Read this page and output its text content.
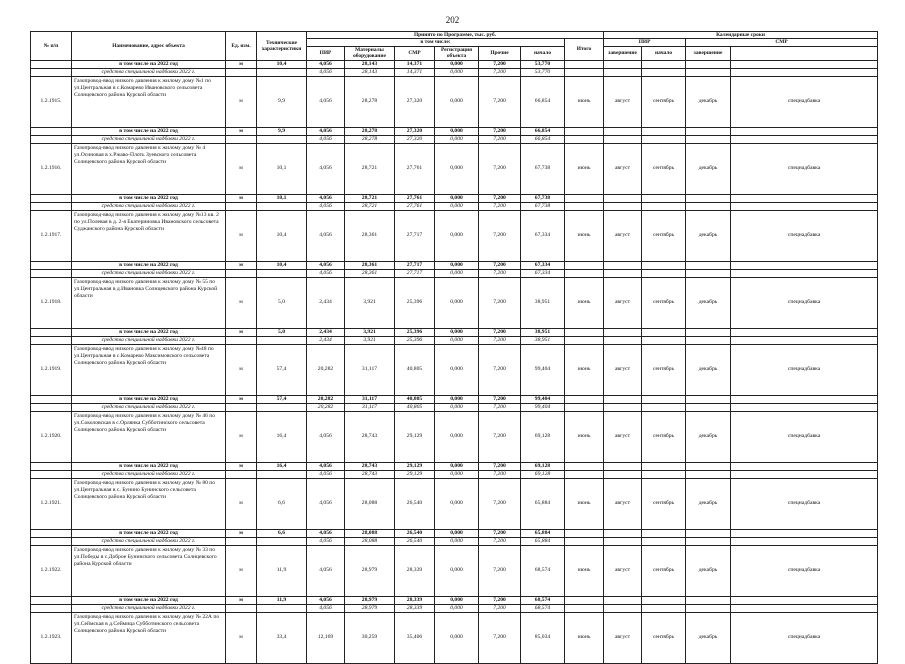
202
№ п/п	Наименование, адрес объекта	Ед. изм.	Технические характеристики	Принято по Программе, тыс. руб.							Календарные сроки	
				в том числе:						Итого	ПИР		СМР		
				ПИР	Материалы оборудование	СМР	Регистрация объекта	Прочие	начало		завершение	начало	завершение		

	в том числе на 2022 год	м	10,4	4,056	28,143	14,371	0,000	7,200	53,770						
	средства специальной надбавки 2022 г.			4,056	28,143	14,371	0,000	7,200	53,770						
1.2.1915.	Газопровод-ввод низкого давления к жилому дому №1 по ул.Центральная в с.Комарево Ивановского сельсовета Солнцевского района Курской области	м	9,9	4,056	28,278	27,320	0,000	7,200	66,854	июнь	август	сентябрь	декабрь	спецнадбавка	
	в том числе на 2022 год	м	9,9	4,056	28,278	27,320	0,000	7,200	66,854						
	средства специальной надбавки 2022 г.			4,056	28,278	27,320	0,000	7,200	66,854						
1.2.1916.	Газопровод-ввод низкого давления к жилому дому № 4 ул.Осиновая в х.Ржаво-Плоть Зуевского сельсовета Солнцевского района Курской области	м	10,1	4,056	28,721	27,761	0,000	7,200	67,738	июнь	август	сентябрь	декабрь	спецнадбавка	
	в том числе на 2022 год	м	10,1	4,056	28,721	27,761	0,000	7,200	67,738						
	средства специальной надбавки 2022 г.			4,056	28,721	27,761	0,000	7,200	67,738						
1.2.1917.	Газопровод-ввод низкого давления к жилому дому №13 кв. 2 по ул.Полевая в д. 2-я Екатериновка Ивановского сельсовета Суджанского района Курской области	м	10,4	4,056	28,361	27,717	0,000	7,200	67,334	июнь	август	сентябрь	декабрь	спецнадбавка	
	в том числе на 2022 год	м	10,4	4,056	28,361	27,717	0,000	7,200	67,334						
	средства специальной надбавки 2022 г.			4,056	28,361	27,717	0,000	7,200	67,334						
1.2.1918.	Газопровод-ввод низкого давления к жилому дому № 55 по ул.Центральная в д.Ивановка Солнцевского района Курской области	м	5,0	2,434	3,921	25,396	0,000	7,200	38,951	июнь	август	сентябрь	декабрь	спецнадбавка	
	в том числе на 2022 год	м	5,0	2,434	3,921	25,396	0,000	7,200	38,951						
	средства специальной надбавки 2022 г.			2,434	3,921	25,396	0,000	7,200	38,951						
1.2.1919.	Газопровод-ввод низкого давления к жилому дому №48 по ул.Центральная в с.Комарево Максимовского сельсовета Солнцевского района Курской области	м	57,4	20,282	31,117	40,805	0,000	7,200	99,404	июнь	август	сентябрь	декабрь	спецнадбавка	
	в том числе на 2022 год	м	57,4	20,282	31,117	40,805	0,000	7,200	99,404						
	средства специальной надбавки 2022 г.			20,282	31,117	40,805	0,000	7,200	99,404						
1.2.1920.	Газопровод-ввод низкого давления к жилому дому № 46 по ул.Соколовская в с.Орлянка Субботинского сельсовета Солнцевского района Курской области	м	16,4	4,056	28,743	29,129	0,000	7,200	69,128	июнь	август	сентябрь	декабрь	спецнадбавка	
	в том числе на 2022 год	м	16,4	4,056	28,743	29,129	0,000	7,200	69,128						
	средства специальной надбавки 2022 г.			4,056	28,743	29,129	0,000	7,200	69,128						
1.2.1921.	Газопровод-ввод низкого давления к жилому дому № 80 по ул.Центральная в с. Бунино Бунинского сельсовета Солнцевского района Курской области	м	6,6	4,056	28,088	26,540	0,000	7,200	65,884	июнь	август	сентябрь	декабрь	спецнадбавка	
	в том числе на 2022 год	м	6,6	4,056	28,088	26,540	0,000	7,200	65,884						
	средства специальной надбавки 2022 г.			4,056	28,088	26,540	0,000	7,200	65,884						
1.2.1922.	Газопровод-ввод низкого давления к жилому дому № 33 по ул.Победы в с.Доброе Бунинского сельсовета Солнцевского района Курской области	м	11,9	4,056	28,979	28,339	0,000	7,200	68,574	июнь	август	сентябрь	декабрь	спецнадбавка	
	в том числе на 2022 год	м	11,9	4,056	28,979	28,339	0,000	7,200	68,574						
	средства специальной надбавки 2022 г.			4,056	28,979	28,339	0,000	7,200	68,574						
1.2.1923.	Газопровод-ввод низкого давления к жилому дому № 22А по ул.Сеймская в д.Сеймица Субботинского сельсовета Солнцевского района Курской области	м	33,4	12,169	30,259	35,406	0,000	7,200	85,034	июнь	август	сентябрь	декабрь	спецнадбавка	
